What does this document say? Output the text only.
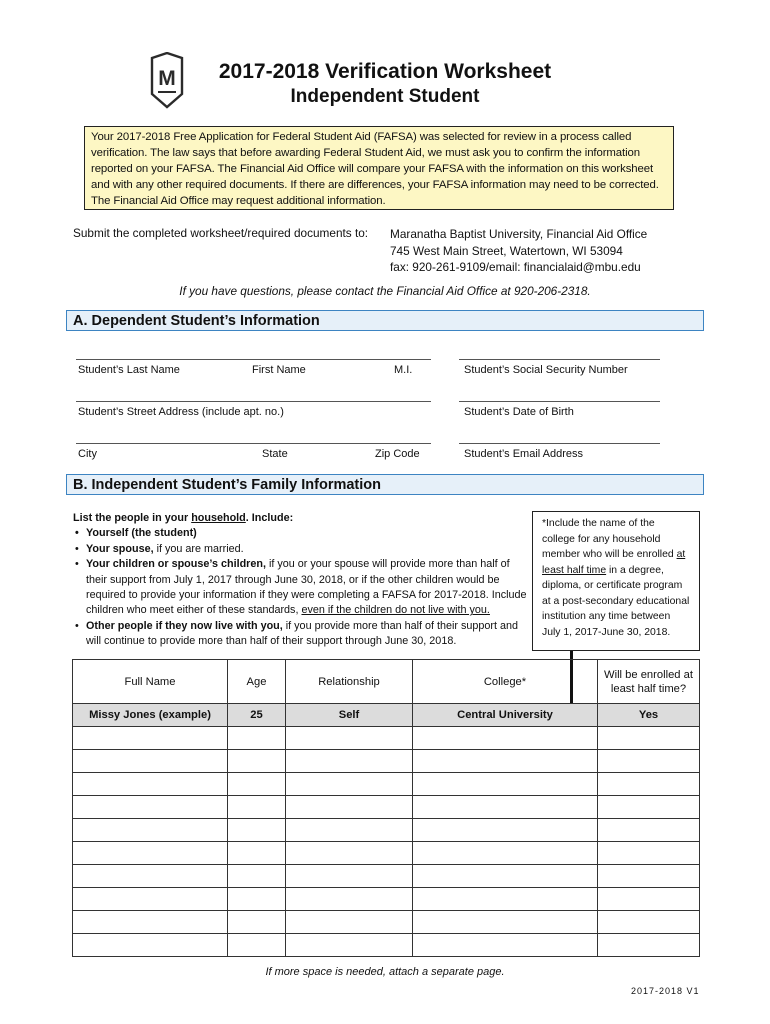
M	2017-2018 Verification Worksheet
Independent Student
Your 2017-2018 Free Application for Federal Student Aid (FAFSA) was selected for review in a process called
verification. The law says that before awarding Federal Student Aid, we must ask you to confirm the information
reported on your FAFSA. The Financial Aid Office will compare your FAFSA with the information on this worksheet
and with any other required documents. If there are differences, your FAFSA information may need to be corrected.
The Financial Aid Office may request additional information.
Submit the completed worksheet/required documents to: Maranatha Baptist University, Financial Aid Office
745 West Main Street, Watertown, WI 53094
fax: 920-261-9109/email: financialaid@mbu.edu
If you have questions, please contact the Financial Aid Office at 920-206-2318.
A. Dependent Student’s Information
Student’s Last Name	First Name	M.I.	Student’s Social Security Number
Student’s Street Address (include apt. no.)	Student’s Date of Birth
City	State	Zip Code	Student’s Email Address
B. Independent Student’s Family Information
List the people in your household. Include:
• Yourself (the student)
• Your spouse, if you are married.
• Your children or spouse’s children, if you or your spouse will provide more than half of their support from July 1, 2017 through June 30, 2018, or if the other children would be required to provide your information if they were completing a FAFSA for 2017-2018. Include children who meet either of these standards, even if the children do not live with you.
• Other people if they now live with you, if you provide more than half of their support and will continue to provide more than half of their support through June 30, 2018.
*Include the name of the college for any household member who will be enrolled at least half time in a degree, diploma, or certificate program at a post-secondary educational institution any time between July 1, 2017-June 30, 2018.
Full Name	Age	Relationship	College*	Will be enrolled at least half time?
Missy Jones (example)	25	Self	Central University	Yes

If more space is needed, attach a separate page.
2017-2018 V1
